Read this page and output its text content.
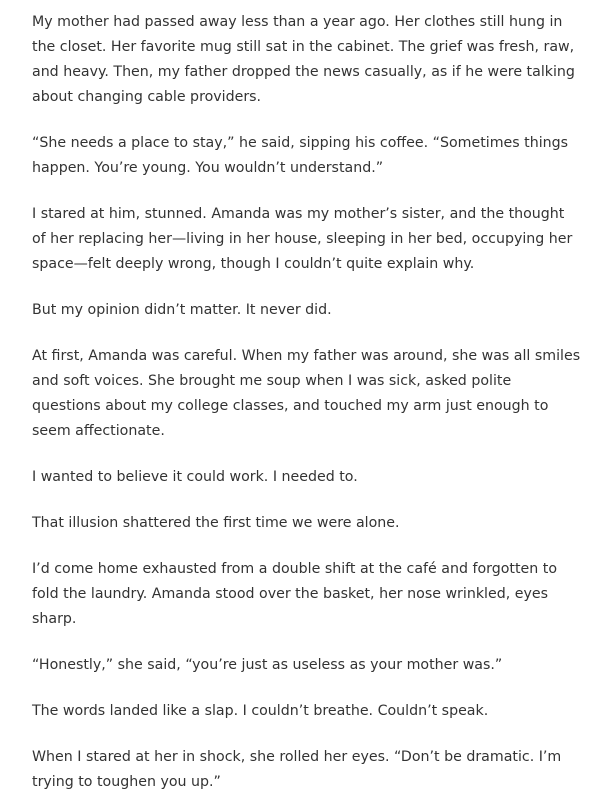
My mother had passed away less than a year ago. Her clothes still hung in the closet. Her favorite mug still sat in the cabinet. The grief was fresh, raw, and heavy. Then, my father dropped the news casually, as if he were talking about changing cable providers.

“She needs a place to stay,” he said, sipping his coffee. “Sometimes things happen. You’re young. You wouldn’t understand.”

I stared at him, stunned. Amanda was my mother’s sister, and the thought of her replacing her—living in her house, sleeping in her bed, occupying her space—felt deeply wrong, though I couldn’t quite explain why.

But my opinion didn’t matter. It never did.

At first, Amanda was careful. When my father was around, she was all smiles and soft voices. She brought me soup when I was sick, asked polite questions about my college classes, and touched my arm just enough to seem affectionate.

I wanted to believe it could work. I needed to.

That illusion shattered the first time we were alone.

I’d come home exhausted from a double shift at the café and forgotten to fold the laundry. Amanda stood over the basket, her nose wrinkled, eyes sharp.

“Honestly,” she said, “you’re just as useless as your mother was.”

The words landed like a slap. I couldn’t breathe. Couldn’t speak.

When I stared at her in shock, she rolled her eyes. “Don’t be dramatic. I’m trying to toughen you up.”
